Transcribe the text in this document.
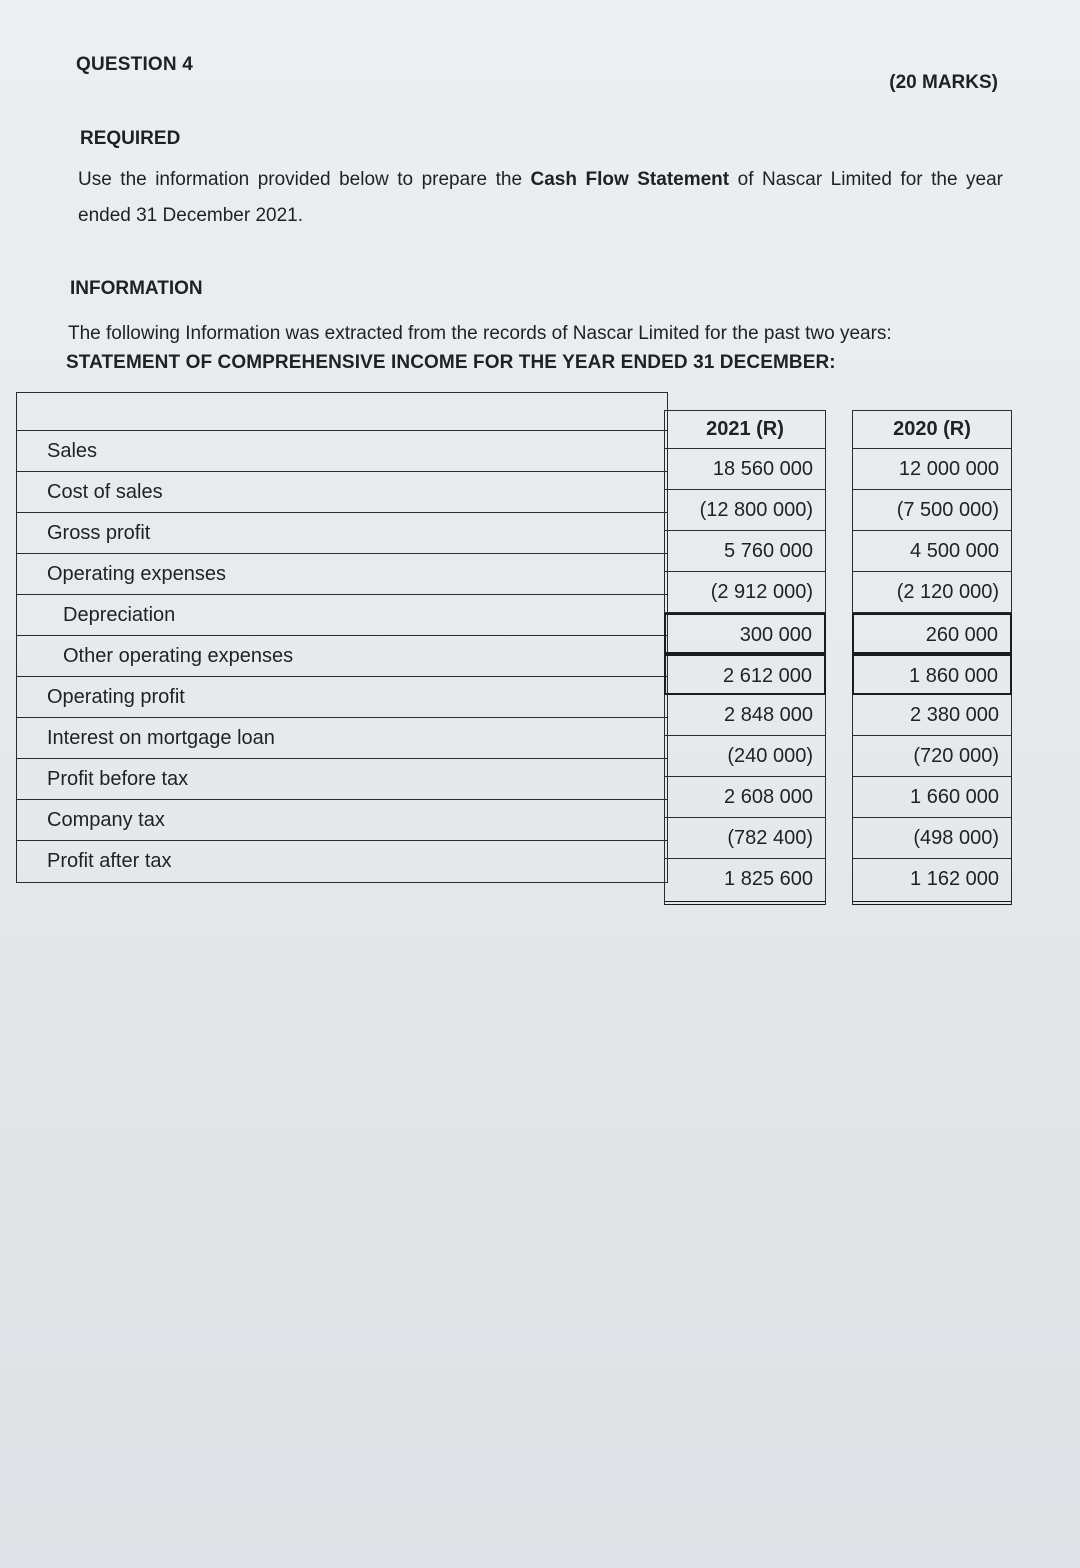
QUESTION 4
(20 MARKS)
REQUIRED
Use the information provided below to prepare the Cash Flow Statement of Nascar Limited for the year ended 31 December 2021.
INFORMATION
The following Information was extracted from the records of Nascar Limited for the past two years:
STATEMENT OF COMPREHENSIVE INCOME FOR THE YEAR ENDED 31 DECEMBER:
Sales
Cost of sales
Gross profit
Operating expenses
Depreciation
Other operating expenses
Operating profit
Interest on mortgage loan
Profit before tax
Company tax
Profit after tax
2021 (R)
18 560 000
(12 800 000)
5 760 000
(2 912 000)
300 000
2 612 000
2 848 000
(240 000)
2 608 000
(782 400)
1 825 600
2020 (R)
12 000 000
(7 500 000)
4 500 000
(2 120 000)
260 000
1 860 000
2 380 000
(720 000)
1 660 000
(498 000)
1 162 000
